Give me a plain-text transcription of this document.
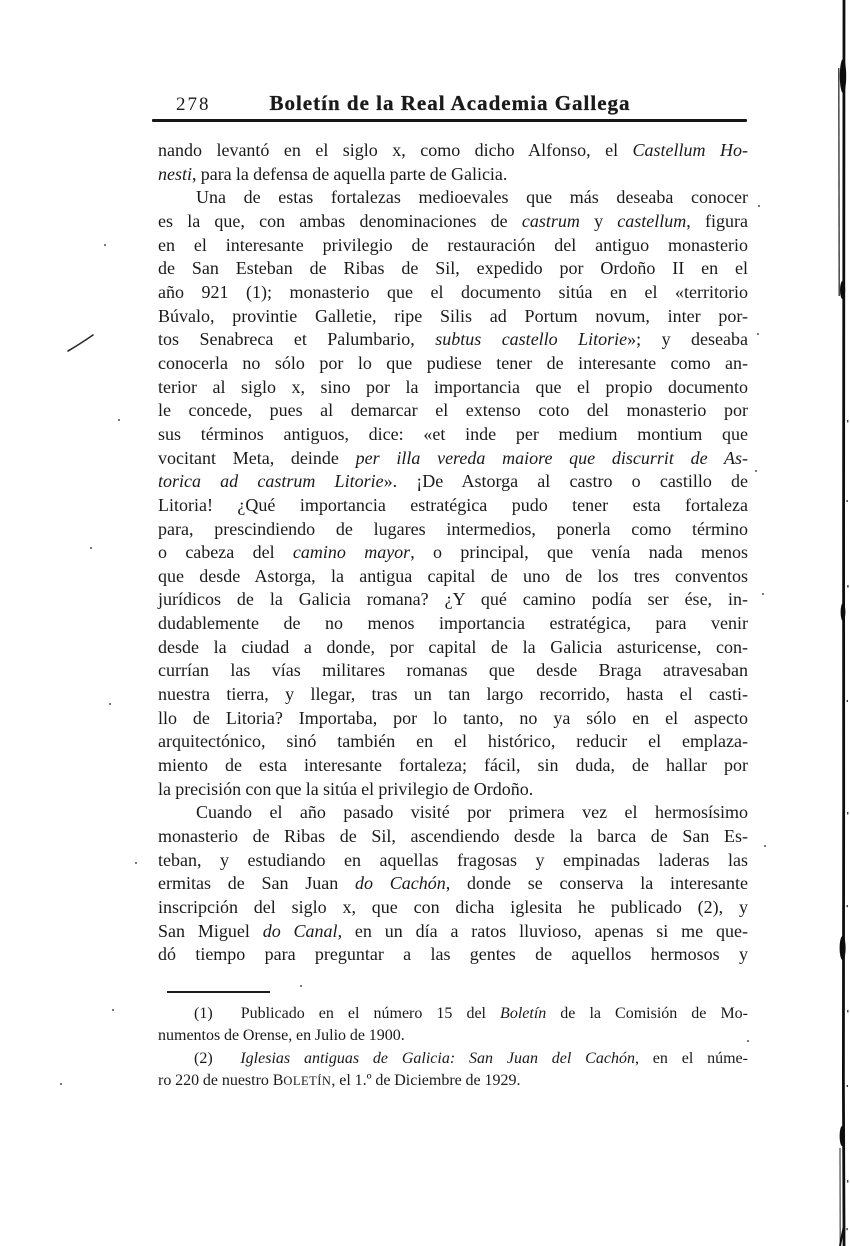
278	Boletín de la Real Academia Gallega
nando levantó en el siglo x, como dicho Alfonso, el Castellum Ho-
nesti, para la defensa de aquella parte de Galicia.
Una de estas fortalezas medioevales que más deseaba conocer
es la que, con ambas denominaciones de castrum y castellum, figura
en el interesante privilegio de restauración del antiguo monasterio
de San Esteban de Ribas de Sil, expedido por Ordoño II en el
año 921 (1); monasterio que el documento sitúa en el «territorio
Búvalo, provintie Galletie, ripe Silis ad Portum novum, inter por-
tos Senabreca et Palumbario, subtus castello Litorie»; y deseaba
conocerla no sólo por lo que pudiese tener de interesante como an-
terior al siglo x, sino por la importancia que el propio documento
le concede, pues al demarcar el extenso coto del monasterio por
sus términos antiguos, dice: «et inde per medium montium que
vocitant Meta, deinde per illa vereda maiore que discurrit de As-
torica ad castrum Litorie». ¡De Astorga al castro o castillo de
Litoria! ¿Qué importancia estratégica pudo tener esta fortaleza
para, prescindiendo de lugares intermedios, ponerla como término
o cabeza del camino mayor, o principal, que venía nada menos
que desde Astorga, la antigua capital de uno de los tres conventos
jurídicos de la Galicia romana? ¿Y qué camino podía ser ése, in-
dudablemente de no menos importancia estratégica, para venir
desde la ciudad a donde, por capital de la Galicia asturicense, con-
currían las vías militares romanas que desde Braga atravesaban
nuestra tierra, y llegar, tras un tan largo recorrido, hasta el casti-
llo de Litoria? Importaba, por lo tanto, no ya sólo en el aspecto
arquitectónico, sinó también en el histórico, reducir el emplaza-
miento de esta interesante fortaleza; fácil, sin duda, de hallar por
la precisión con que la sitúa el privilegio de Ordoño.
Cuando el año pasado visité por primera vez el hermosísimo
monasterio de Ribas de Sil, ascendiendo desde la barca de San Es-
teban, y estudiando en aquellas fragosas y empinadas laderas las
ermitas de San Juan do Cachón, donde se conserva la interesante
inscripción del siglo x, que con dicha iglesita he publicado (2), y
San Miguel do Canal, en un día a ratos lluvioso, apenas si me que-
dó tiempo para preguntar a las gentes de aquellos hermosos y
(1)  Publicado en el número 15 del Boletín de la Comisión de Mo-
numentos de Orense, en Julio de 1900.
(2)  Iglesias antiguas de Galicia: San Juan del Cachón, en el núme-
ro 220 de nuestro BOLETÍN, el 1.º de Diciembre de 1929.
